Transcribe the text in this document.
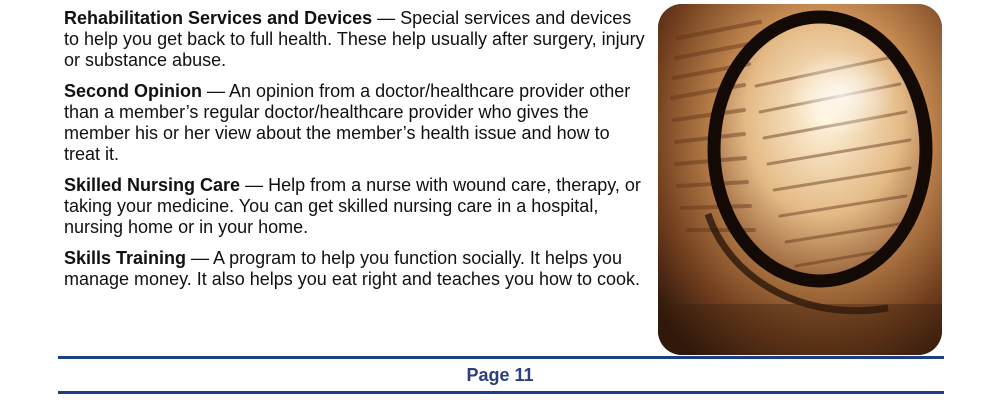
Rehabilitation Services and Devices — Special services and devices to help you get back to full health. These help usually after surgery, injury or substance abuse.

Second Opinion — An opinion from a doctor/healthcare provider other than a member’s regular doctor/healthcare provider who gives the member his or her view about the member’s health issue and how to treat it.

Skilled Nursing Care — Help from a nurse with wound care, therapy, or taking your medicine. You can get skilled nursing care in a hospital, nursing home or in your home.

Skills Training — A program to help you function socially. It helps you manage money. It also helps you eat right and teaches you how to cook.

Page 11
